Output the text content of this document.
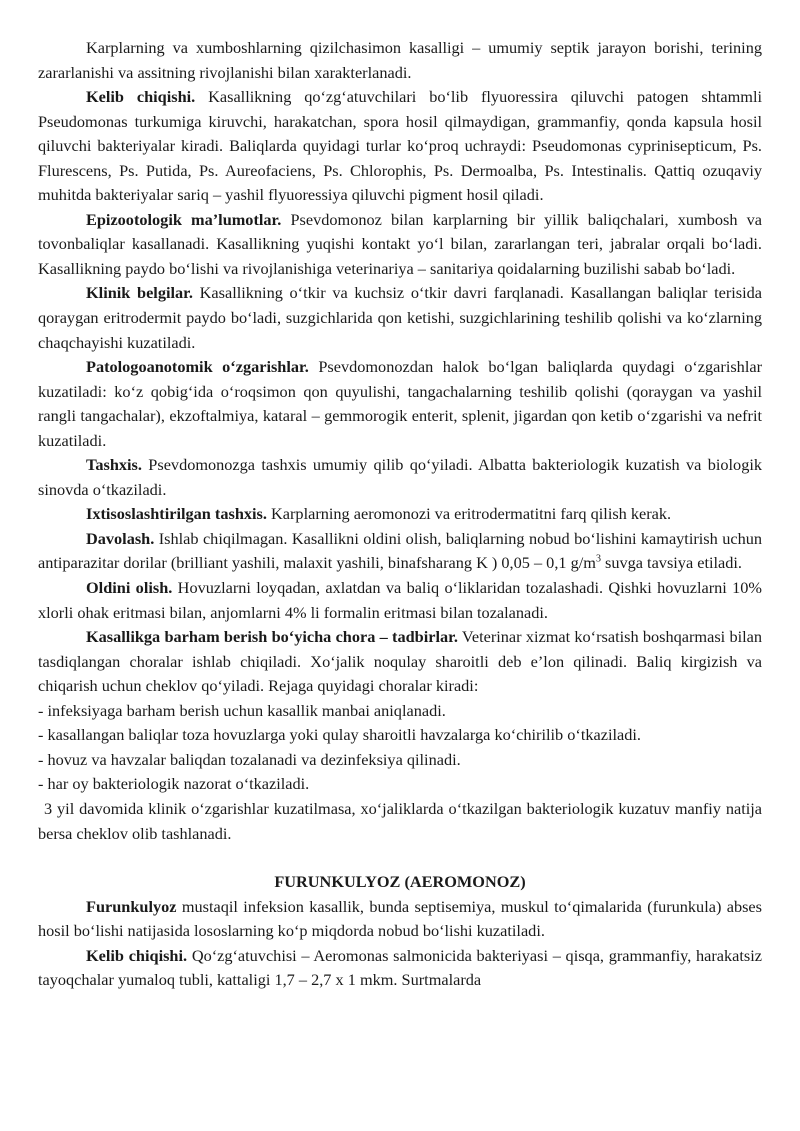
Karplarning va xumboshlarning qizilchasimon kasalligi – umumiy septik jarayon borishi, terining zararlanishi va assitning rivojlanishi bilan xarakterlanadi.

Kelib chiqishi. Kasallikning qo‘zg‘atuvchilari bo‘lib flyuoressira qiluvchi patogen shtammli Pseudomonas turkumiga kiruvchi, harakatchan, spora hosil qilmaydigan, grammanfiy, qonda kapsula hosil qiluvchi bakteriyalar kiradi. Baliqlarda quyidagi turlar ko‘proq uchraydi: Pseudomonas cyprinisepticum, Ps. Flurescens, Ps. Putida, Ps. Aureofaciens, Ps. Chlorophis, Ps. Dermoalba, Ps. Intestinalis. Qattiq ozuqaviy muhitda bakteriyalar sariq – yashil flyuoressiya qiluvchi pigment hosil qiladi.

Epizootologik ma’lumotlar. Psevdomonoz bilan karplarning bir yillik baliqchalari, xumbosh va tovonbaliqlar kasallanadi. Kasallikning yuqishi kontakt yo‘l bilan, zararlangan teri, jabralar orqali bo‘ladi. Kasallikning paydo bo‘lishi va rivojlanishiga veterinariya – sanitariya qoidalarning buzilishi sabab bo‘ladi.

Klinik belgilar. Kasallikning o‘tkir va kuchsiz o‘tkir davri farqlanadi. Kasallangan baliqlar terisida qoraygan eritrodermit paydo bo‘ladi, suzgichlarida qon ketishi, suzgichlarining teshilib qolishi va ko‘zlarning chaqchayishi kuzatiladi.

Patologoanotomik o‘zgarishlar. Psevdomonozdan halok bo‘lgan baliqlarda quydagi o‘zgarishlar kuzatiladi: ko‘z qobig‘ida o‘roqsimon qon quyulishi, tangachalarning teshilib qolishi (qoraygan va yashil rangli tangachalar), ekzoftalmiya, kataral – gemmorogik enterit, splenit, jigardan qon ketib o‘zgarishi va nefrit kuzatiladi.

Tashxis. Psevdomonozga tashxis umumiy qilib qo‘yiladi. Albatta bakteriologik kuzatish va biologik sinovda o‘tkaziladi.

Ixtisoslashtirilgan tashxis. Karplarning aeromonozi va eritrodermatitni farq qilish kerak.

Davolash. Ishlab chiqilmagan. Kasallikni oldini olish, baliqlarning nobud bo‘lishini kamaytirish uchun antiparazitar dorilar (brilliant yashili, malaxit yashili, binafsharang K ) 0,05 – 0,1 $g/m^3$ suvga tavsiya etiladi.

Oldini olish. Hovuzlarni loyqadan, axlatdan va baliq o‘liklaridan tozalashadi. Qishki hovuzlarni 10% xlorli ohak eritmasi bilan, anjomlarni 4% li formalin eritmasi bilan tozalanadi.

Kasallikga barham berish bo‘yicha chora – tadbirlar. Veterinar xizmat ko‘rsatish boshqarmasi bilan tasdiqlangan choralar ishlab chiqiladi. Xo‘jalik noqulay sharoitli deb e’lon qilinadi. Baliq kirgizish va chiqarish uchun cheklov qo‘yiladi. Rejaga quyidagi choralar kiradi:

- infeksiyaga barham berish uchun kasallik manbai aniqlanadi.

- kasallangan baliqlar toza hovuzlarga yoki qulay sharoitli havzalarga ko‘chirilib o‘tkaziladi.

- hovuz va havzalar baliqdan tozalanadi va dezinfeksiya qilinadi.

- har oy bakteriologik nazorat o‘tkaziladi.

3 yil davomida klinik o‘zgarishlar kuzatilmasa, xo‘jaliklarda o‘tkazilgan bakteriologik kuzatuv manfiy natija bersa cheklov olib tashlanadi.

FURUNKULYOZ (AEROMONOZ)

Furunkulyoz mustaqil infeksion kasallik, bunda septisemiya, muskul to‘qimalarida (furunkula) abses hosil bo‘lishi natijasida lososlarning ko‘p miqdorda nobud bo‘lishi kuzatiladi.

Kelib chiqishi. Qo‘zg‘atuvchisi – Aeromonas salmonicida bakteriyasi – qisqa, grammanfiy, harakatsiz tayoqchalar yumaloq tubli, kattaligi 1,7 – 2,7 x 1 mkm. Surtmalarda
